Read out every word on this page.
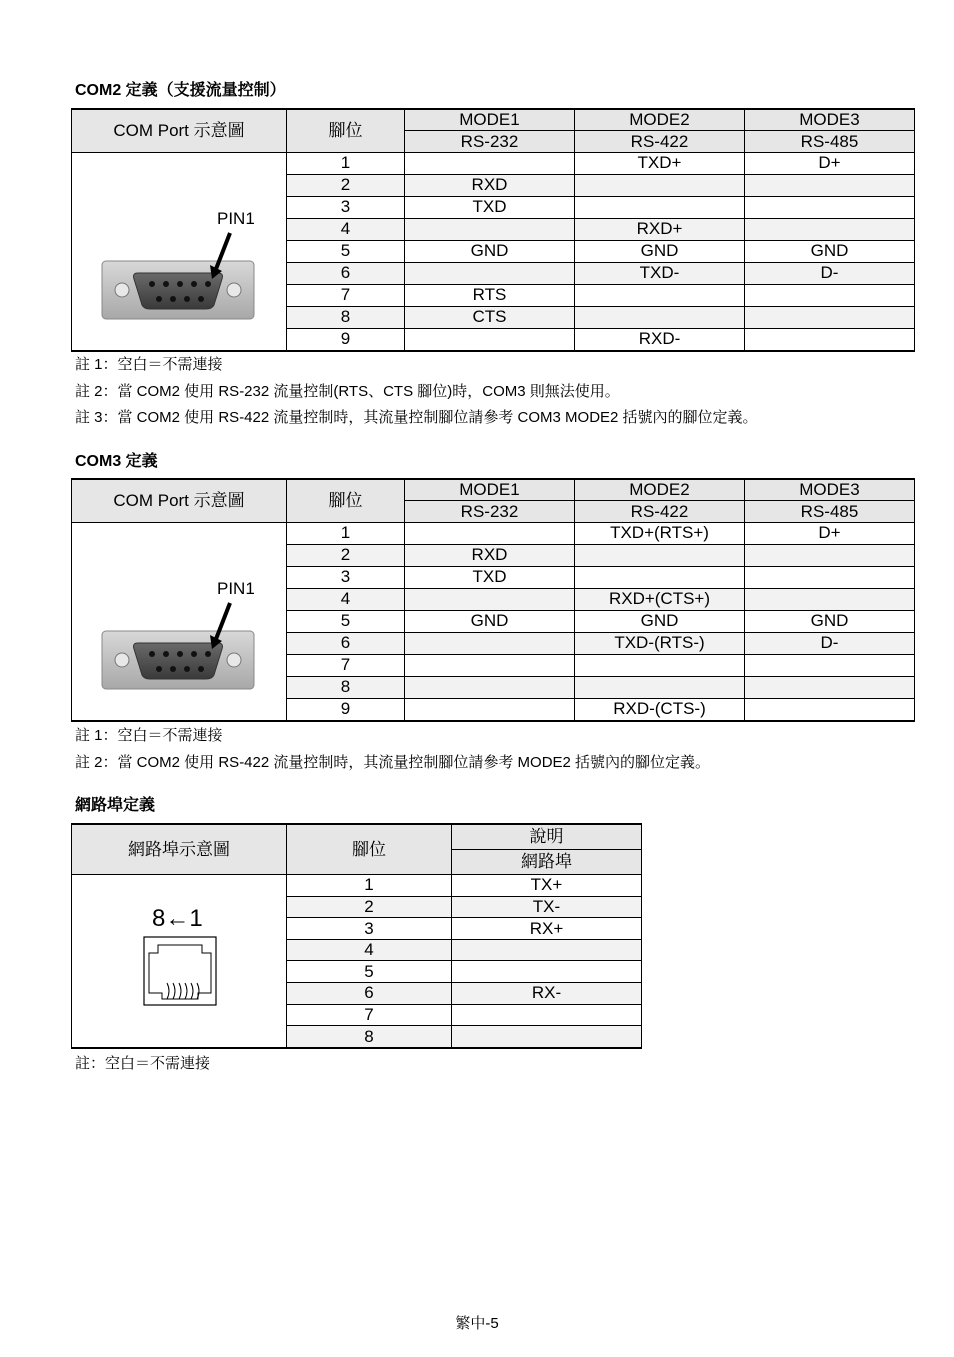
COM2 定義（支援流量控制）
COM Port 示意圖	腳位	MODE1	MODE2	MODE3
		RS-232	RS-422	RS-485

PIN1	1		TXD+	D+
	2	RXD		
	3	TXD		
	4		RXD+	
	5	GND	GND	GND
	6		TXD-	D-
	7	RTS		
	8	CTS		
	9		RXD-	
註 1：空白＝不需連接
註 2：當 COM2 使用 RS-232 流量控制(RTS、CTS 腳位)時，COM3 則無法使用。
註 3：當 COM2 使用 RS-422 流量控制時，其流量控制腳位請參考 COM3 MODE2 括號內的腳位定義。
COM3 定義
COM Port 示意圖	腳位	MODE1	MODE2	MODE3
		RS-232	RS-422	RS-485

PIN1	1		TXD+(RTS+)	D+
	2	RXD		
	3	TXD		
	4		RXD+(CTS+)	
	5	GND	GND	GND
	6		TXD-(RTS-)	D-
	7			
	8			
	9		RXD-(CTS-)	
註 1：空白＝不需連接
註 2：當 COM2 使用 RS-422 流量控制時，其流量控制腳位請參考 MODE2 括號內的腳位定義。
網路埠定義
網路埠示意圖	腳位	說明
		網路埠

8←1	1	TX+
	2	TX-
	3	RX+
	4	
	5	
	6	RX-
	7	
	8	
註：空白＝不需連接
繁中-5
